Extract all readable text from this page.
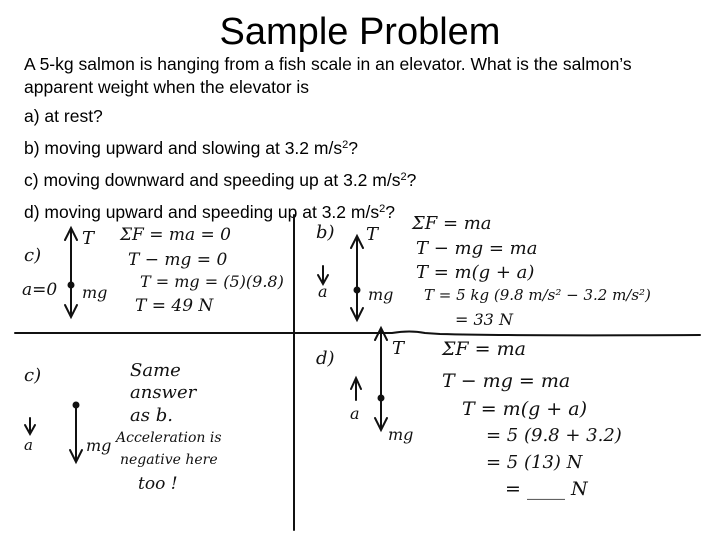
Sample Problem

A 5-kg salmon is hanging from a fish scale in an elevator. What is the salmon’s apparent weight when the elevator is

a) at rest?

b) moving upward and slowing at 3.2 $m/s^2$?

c) moving downward and speeding up at 3.2 $m/s^2$?

d) moving upward and speeding up at 3.2 $m/s^2$?

c)
T
a=0 mg
ΣF = ma = 0
T − mg = 0
T = mg = (5)(9.8)
T = 49 N
b) T
a	mg
ΣF = ma
T − mg = ma
T = m(g + a)
T = 5 kg (9.8 m/s² − 3.2 m/s²)
= 33 N
c)
a	mg
Same
answer
as b.
Acceleration is
negative here
too !
d)	T
a
mg
ΣF = ma
T − mg = ma
T = m(g + a)
= 5 (9.8 + 3.2)
= 5 (13) N
= ____ N
